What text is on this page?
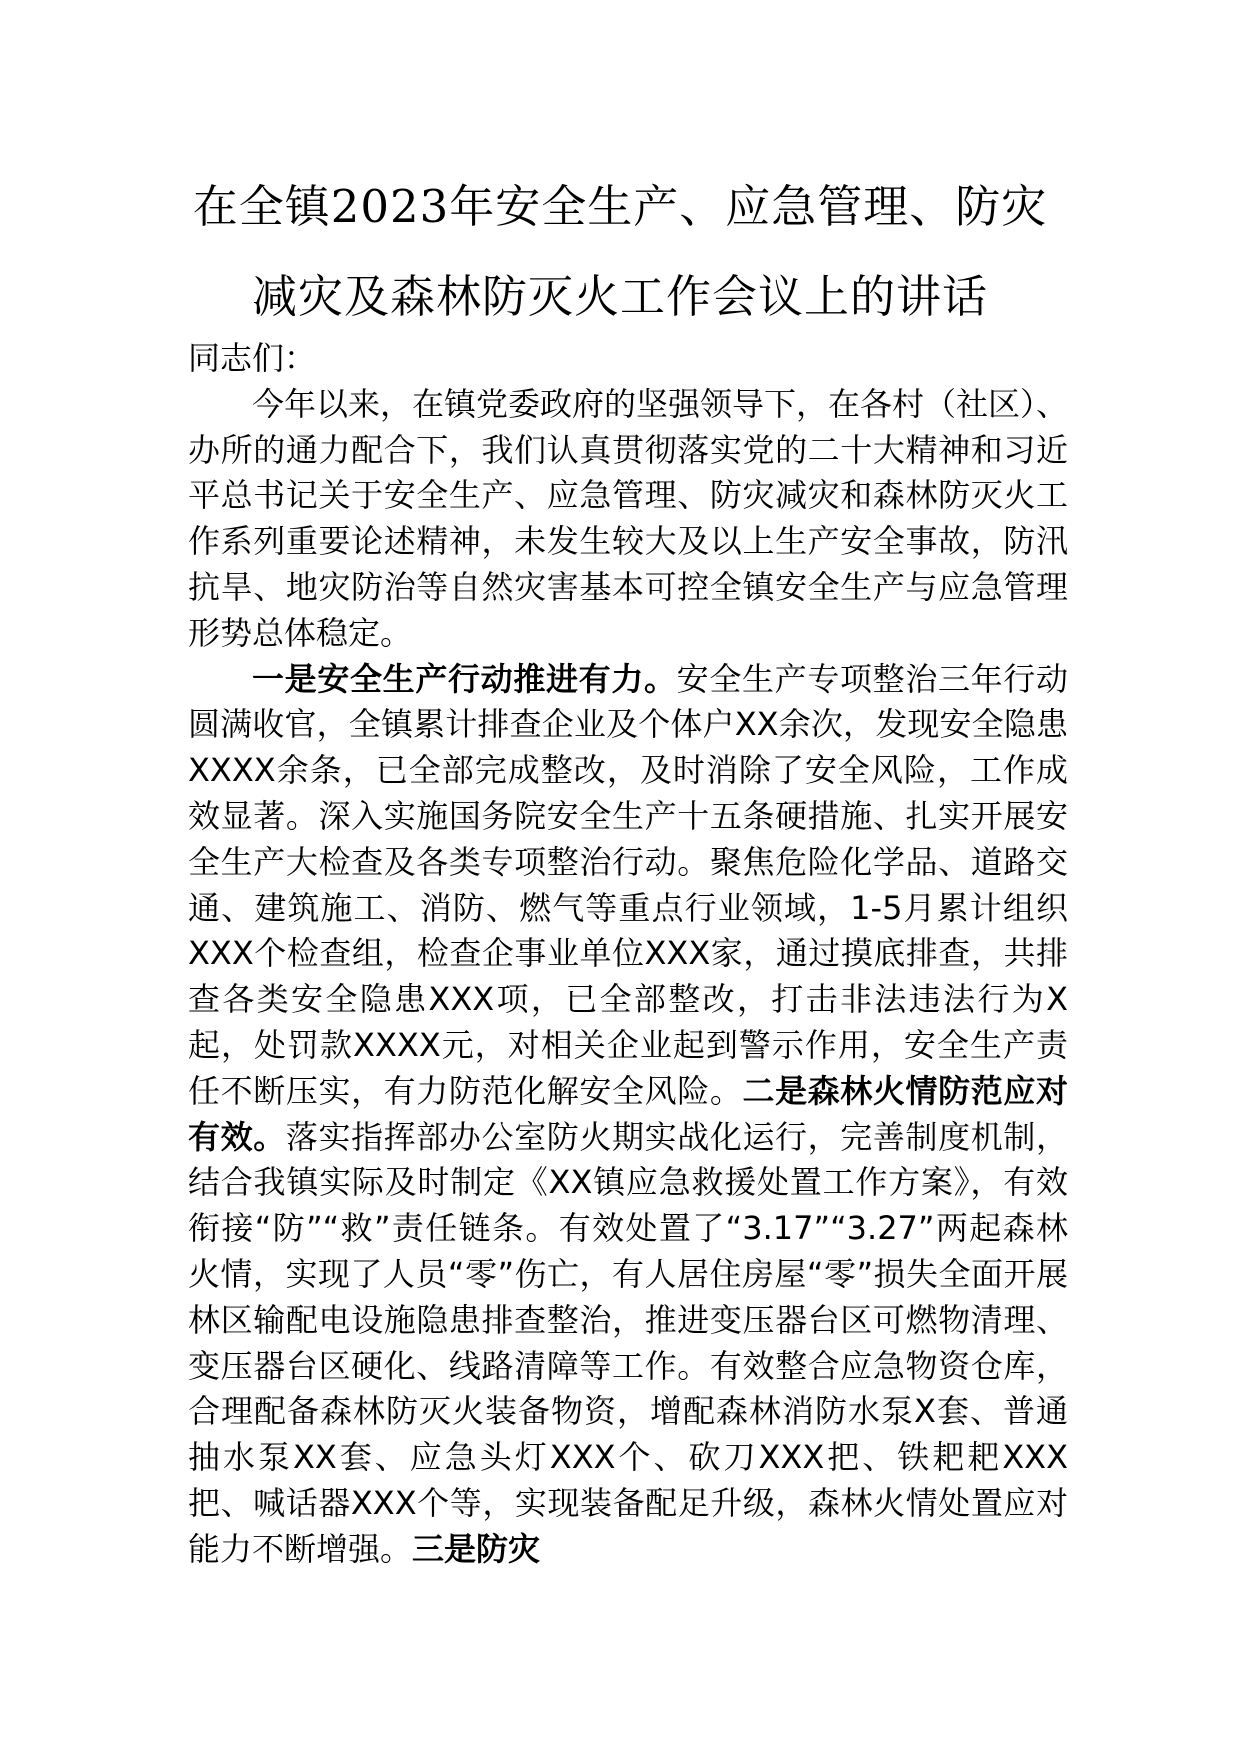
在全镇2023年安全生产、应急管理、防灾
减灾及森林防灭火工作会议上的讲话

同志们：

今年以来，在镇党委政府的坚强领导下，在各村（社区）、办所的通力配合下，我们认真贯彻落实党的二十大精神和习近平总书记关于安全生产、应急管理、防灾减灾和森林防灭火工作系列重要论述精神，未发生较大及以上生产安全事故，防汛抗旱、地灾防治等自然灾害基本可控全镇安全生产与应急管理形势总体稳定。

一是安全生产行动推进有力。安全生产专项整治三年行动圆满收官，全镇累计排查企业及个体户XX余次，发现安全隐患XXXX余条，已全部完成整改，及时消除了安全风险，工作成效显著。深入实施国务院安全生产十五条硬措施、扎实开展安全生产大检查及各类专项整治行动。聚焦危险化学品、道路交通、建筑施工、消防、燃气等重点行业领域，1-5月累计组织XXX个检查组，检查企事业单位XXX家，通过摸底排查，共排查各类安全隐患XXX项，已全部整改，打击非法违法行为X起，处罚款XXXX元，对相关企业起到警示作用，安全生产责任不断压实，有力防范化解安全风险。二是森林火情防范应对有效。落实指挥部办公室防火期实战化运行，完善制度机制，结合我镇实际及时制定《XX镇应急救援处置工作方案》，有效衔接“防”“救”责任链条。有效处置了“3.17”“3.27”两起森林火情，实现了人员“零”伤亡，有人居住房屋“零”损失全面开展林区输配电设施隐患排查整治，推进变压器台区可燃物清理、变压器台区硬化、线路清障等工作。有效整合应急物资仓库，合理配备森林防灭火装备物资，增配森林消防水泵X套、普通抽水泵XX套、应急头灯XXX个、砍刀XXX把、铁耙耙XXX把、喊话器XXX个等，实现装备配足升级，森林火情处置应对能力不断增强。三是防灾
